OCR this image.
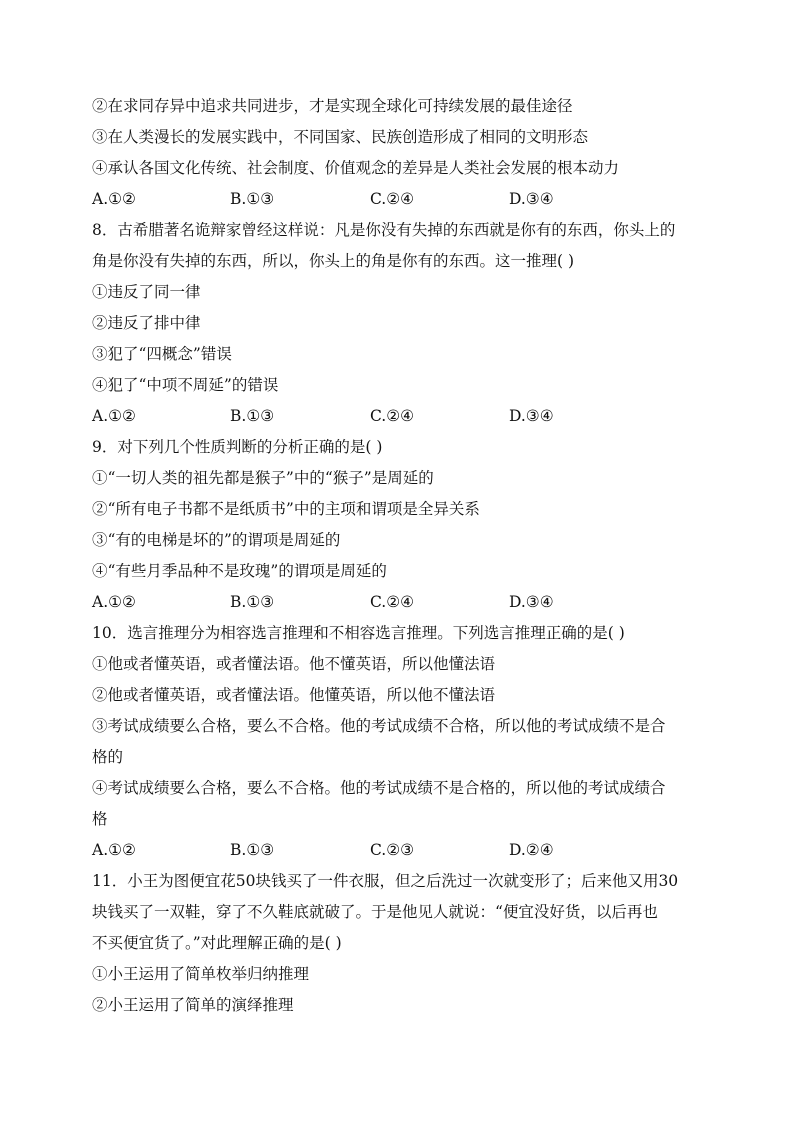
②在求同存异中追求共同进步，才是实现全球化可持续发展的最佳途径
③在人类漫长的发展实践中，不同国家、民族创造形成了相同的文明形态
④承认各国文化传统、社会制度、价值观念的差异是人类社会发展的根本动力
A.①②	B.①③	C.②④	D.③④
8．古希腊著名诡辩家曾经这样说：凡是你没有失掉的东西就是你有的东西，你头上的
角是你没有失掉的东西，所以，你头上的角是你有的东西。这一推理( )
①违反了同一律
②违反了排中律
③犯了“四概念”错误
④犯了“中项不周延”的错误
A.①②	B.①③	C.②④	D.③④
9．对下列几个性质判断的分析正确的是( )
①“一切人类的祖先都是猴子”中的“猴子”是周延的
②“所有电子书都不是纸质书”中的主项和谓项是全异关系
③“有的电梯是坏的”的谓项是周延的
④“有些月季品种不是玫瑰”的谓项是周延的
A.①②	B.①③	C.②④	D.③④
10．选言推理分为相容选言推理和不相容选言推理。下列选言推理正确的是( )
①他或者懂英语，或者懂法语。他不懂英语，所以他懂法语
②他或者懂英语，或者懂法语。他懂英语，所以他不懂法语
③考试成绩要么合格，要么不合格。他的考试成绩不合格，所以他的考试成绩不是合
格的
④考试成绩要么合格，要么不合格。他的考试成绩不是合格的，所以他的考试成绩合
格
A.①②	B.①③	C.②③	D.②④
11．小王为图便宜花50块钱买了一件衣服，但之后洗过一次就变形了；后来他又用30
块钱买了一双鞋，穿了不久鞋底就破了。于是他见人就说：“便宜没好货，以后再也
不买便宜货了。”对此理解正确的是( )
①小王运用了简单枚举归纳推理
②小王运用了简单的演绎推理
